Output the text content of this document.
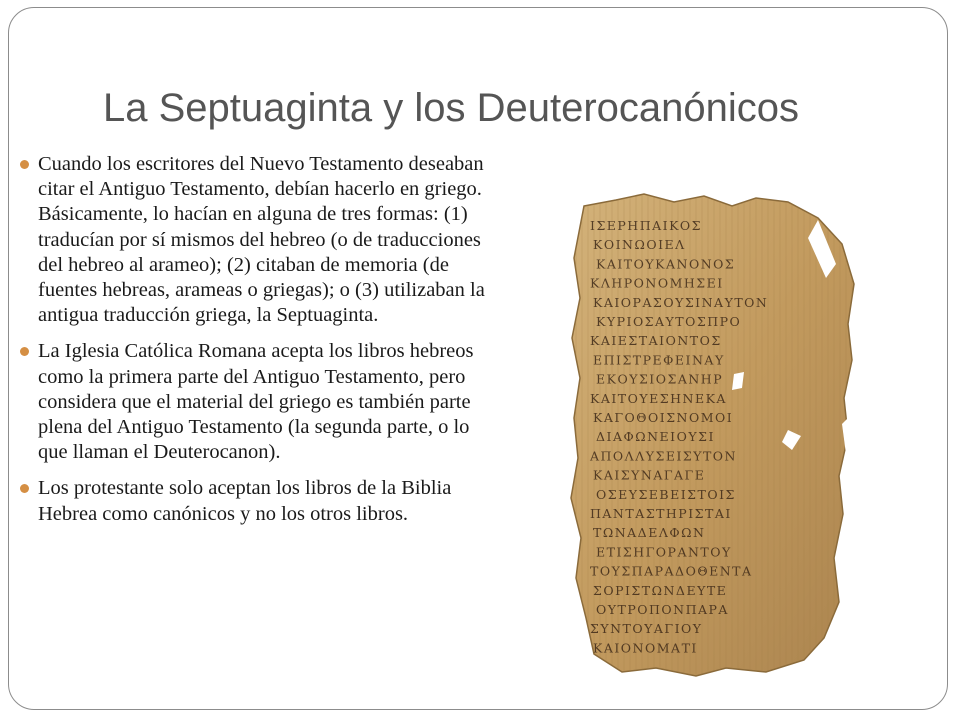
La Septuaginta y los Deuterocanónicos
Cuando los escritores del Nuevo Testamento deseaban citar el Antiguo Testamento, debían hacerlo en griego. Básicamente, lo hacían en alguna de tres formas: (1) traducían por sí mismos del hebreo (o de traducciones del hebreo al arameo); (2) citaban de memoria (de fuentes hebreas, arameas o griegas); o (3) utilizaban la antigua traducción griega, la Septuaginta.
La Iglesia Católica Romana acepta los libros hebreos como la primera parte del Antiguo Testamento, pero considera que el material del griego es también parte plena del Antiguo Testamento (la segunda parte, o lo que llaman el Deuterocanon).
Los protestante solo aceptan los libros de la Biblia Hebrea como canónicos y no los otros libros.
ΙΣΕΡΗΠΑΙΚΟΣ
ΚΟΙΝΩΟΙΕΛ
ΚΑΙΤΟΥΚΑΝΟΝΟΣ
ΚΛΗΡΟΝΟΜΗΣΕΙ
ΚΑΙΟΡΑΣΟΥΣΙΝΑΥΤΟΝ
ΚΥΡΙΟΣΑΥΤΟΣΠΡΟ
ΚΑΙΕΣΤΑΙΟΝΤΟΣ
ΕΠΙΣΤΡΕΦΕΙΝΑΥ
ΕΚΟΥΣΙΟΣΑΝΗΡ
ΚΑΙΤΟΥΕΣΗΝΕΚΑ
ΚΑΓΟΘΟΙΣΝΟΜΟΙ
ΔΙΑΦΩΝΕΙΟΥΣΙ
ΑΠΟΛΛΥΣΕΙΣΥΤΟΝ
ΚΑΙΣΥΝΑΓΑΓΕ
ΟΣΕΥΣΕΒΕΙΣΤΟΙΣ
ΠΑΝΤΑΣΤΗΡΙΣΤΑΙ
ΤΩΝΑΔΕΛΦΩΝ
ΕΤΙΣΗΓΟΡΑΝΤΟΥ
ΤΟΥΣΠΑΡΑΔΟΘΕΝΤΑ
ΣΟΡΙΣΤΩΝΔΕΥΤΕ
ΟΥΤΡΟΠΟΝΠΑΡΑ
ΣΥΝΤΟΥΑΓΙΟΥ
ΚΑΙΟΝΟΜΑΤΙ
